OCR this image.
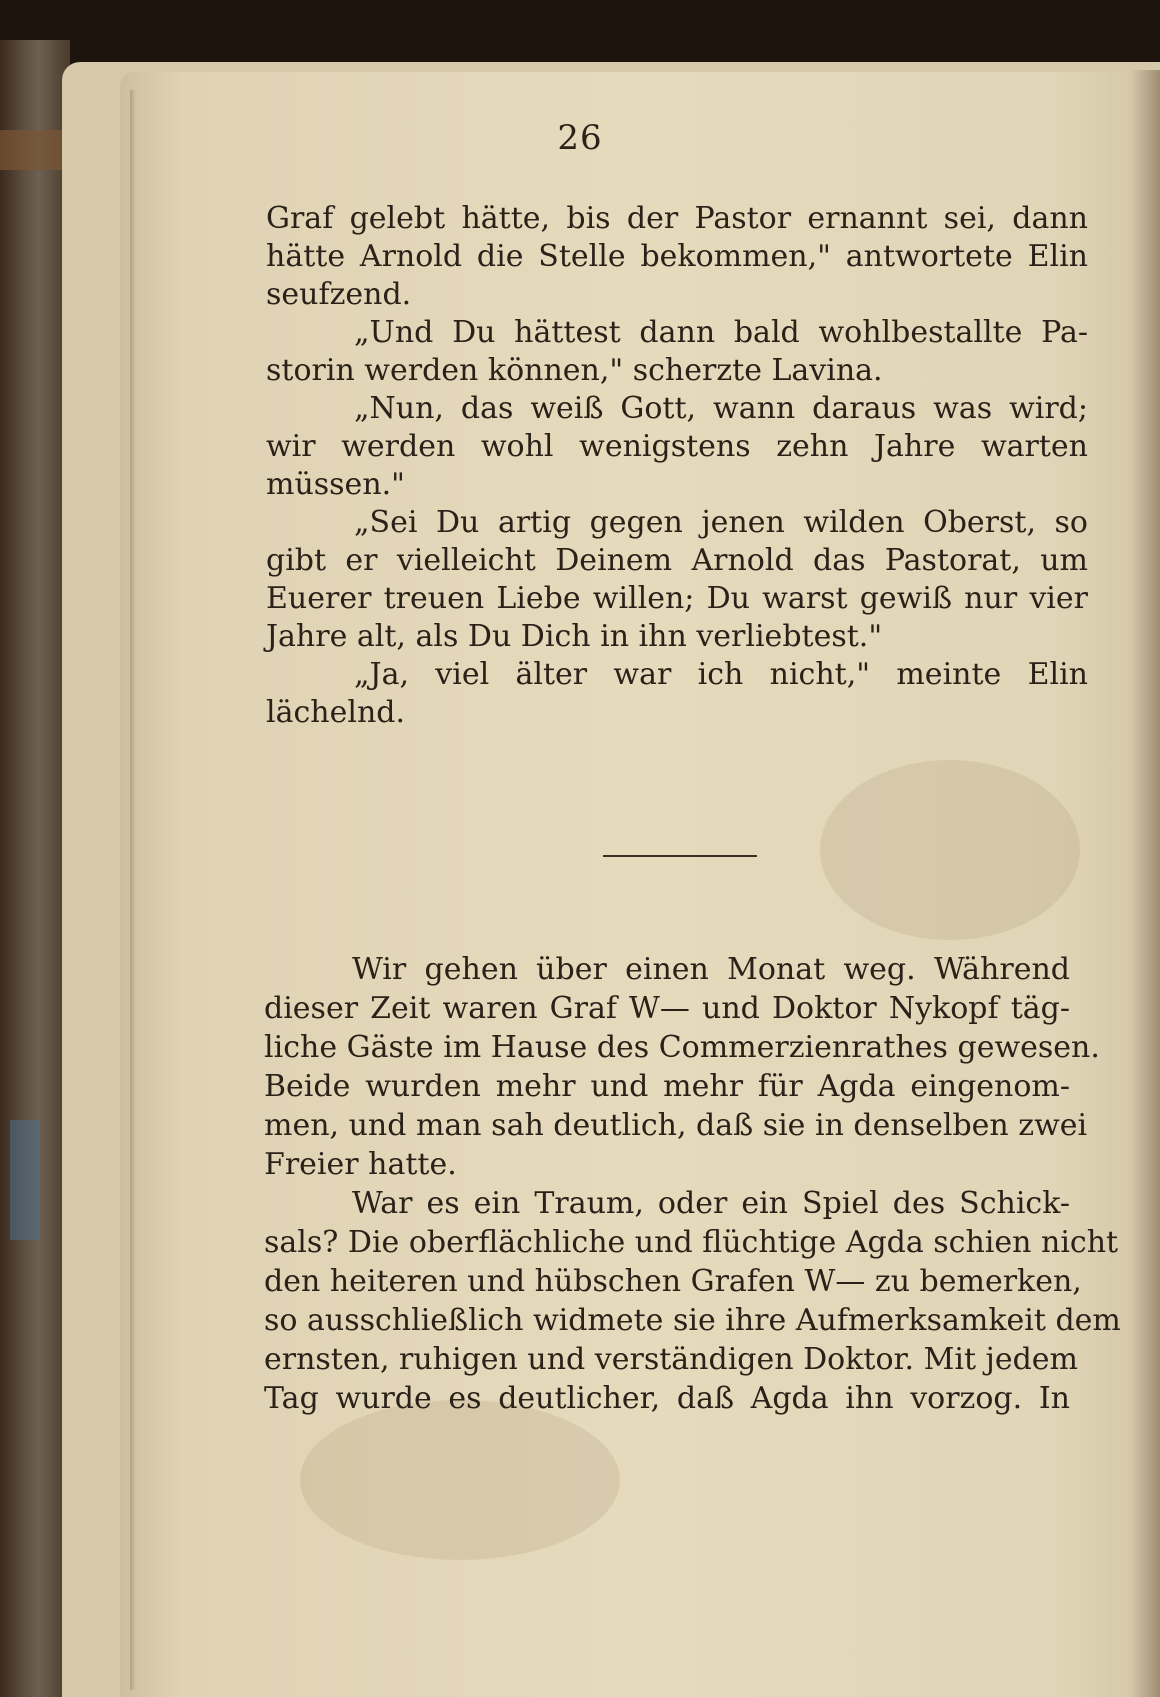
26
Graf gelebt hätte, bis der Pastor ernannt sei, dann
hätte Arnold die Stelle bekommen," antwortete Elin
seufzend.
„Und Du hättest dann bald wohlbestallte Pa-
storin werden können," scherzte Lavina.
„Nun, das weiß Gott, wann daraus was wird;
wir werden wohl wenigstens zehn Jahre warten
müssen."
„Sei Du artig gegen jenen wilden Oberst, so
gibt er vielleicht Deinem Arnold das Pastorat, um
Euerer treuen Liebe willen; Du warst gewiß nur vier
Jahre alt, als Du Dich in ihn verliebtest."
„Ja, viel älter war ich nicht," meinte Elin
lächelnd.
Wir gehen über einen Monat weg. Während
dieser Zeit waren Graf W— und Doktor Nykopf täg-
liche Gäste im Hause des Commerzienrathes gewesen.
Beide wurden mehr und mehr für Agda eingenom-
men, und man sah deutlich, daß sie in denselben zwei
Freier hatte.
War es ein Traum, oder ein Spiel des Schick-
sals? Die oberflächliche und flüchtige Agda schien nicht
den heiteren und hübschen Grafen W— zu bemerken,
so ausschließlich widmete sie ihre Aufmerksamkeit dem
ernsten, ruhigen und verständigen Doktor. Mit jedem
Tag wurde es deutlicher, daß Agda ihn vorzog. In
